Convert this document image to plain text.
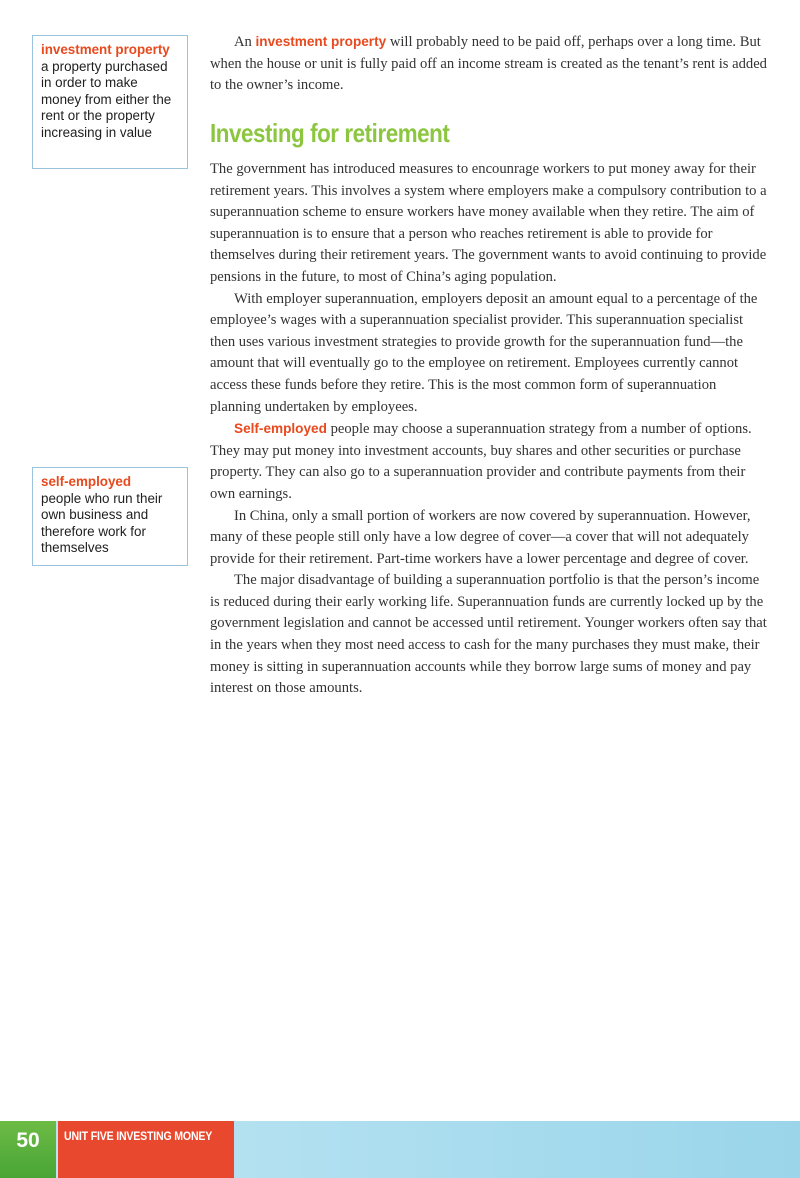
investment property a property purchased in order to make money from either the rent or the property increasing in value
self-employed
people who run their own business and therefore work for themselves

An investment property will probably need to be paid off, perhaps over a long time. But when the house or unit is fully paid off an income stream is created as the tenant’s rent is added to the owner’s income.

Investing for retirement

The government has introduced measures to encounrage workers to put money away for their retirement years. This involves a system where employers make a compulsory contribution to a superannuation scheme to ensure workers have money available when they retire. The aim of superannuation is to ensure that a person who reaches retirement is able to provide for themselves during their retirement years. The government wants to avoid continuing to provide pensions in the future, to most of China’s aging population.

With employer superannuation, employers deposit an amount equal to a percentage of the employee’s wages with a superannuation specialist provider. This superannuation specialist then uses various investment strategies to provide growth for the superannuation fund—the amount that will eventually go to the employee on retirement. Employees currently cannot access these funds before they retire. This is the most common form of superannuation planning undertaken by employees.

Self-employed people may choose a superannuation strategy from a number of options. They may put money into investment accounts, buy shares and other securities or purchase property. They can also go to a superannuation provider and contribute payments from their own earnings.

In China, only a small portion of workers are now covered by superannuation. However, many of these people still only have a low degree of cover—a cover that will not adequately provide for their retirement. Part-time workers have a lower percentage and degree of cover.

The major disadvantage of building a superannuation portfolio is that the person’s income is reduced during their early working life. Superannuation funds are currently locked up by the government legislation and cannot be accessed until retirement. Younger workers often say that in the years when they most need access to cash for the many purchases they must make, their money is sitting in superannuation accounts while they borrow large sums of money and pay interest on those amounts.

50	UNIT FIVE INVESTING MONEY
